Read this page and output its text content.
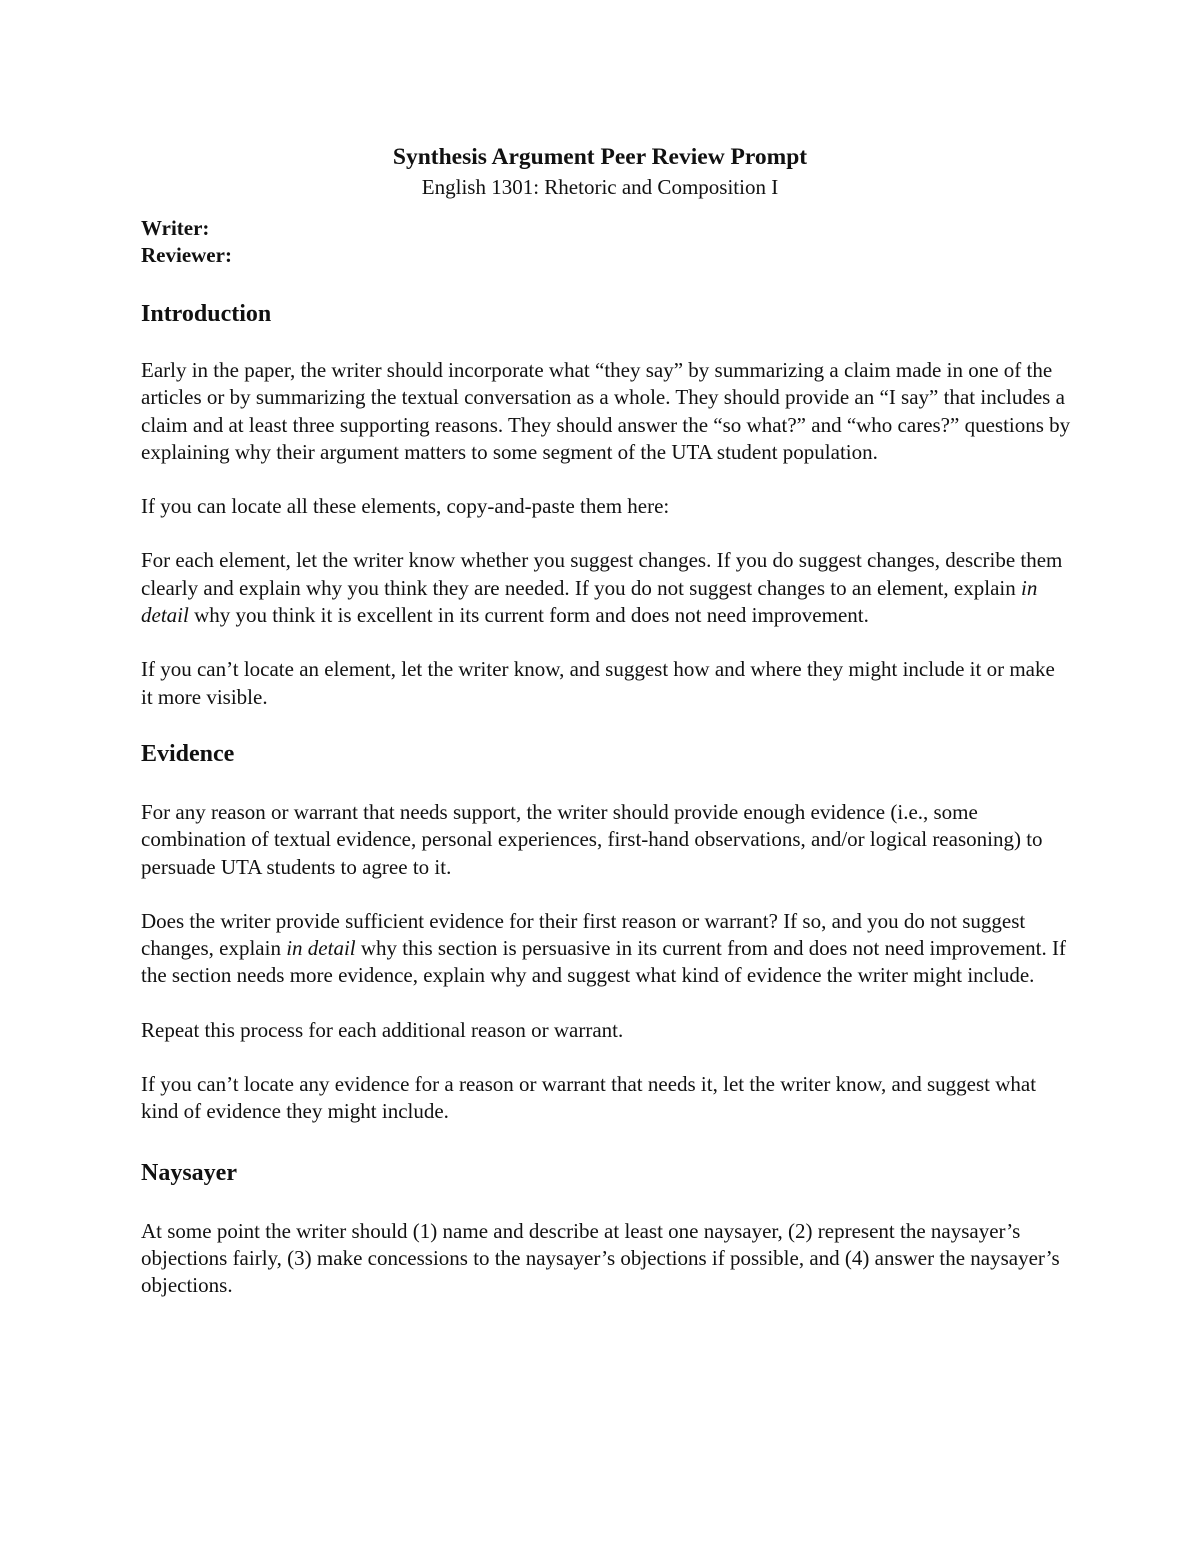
Synthesis Argument Peer Review Prompt
English 1301: Rhetoric and Composition I
Writer:
Reviewer:
Introduction

Early in the paper, the writer should incorporate what “they say” by summarizing a claim made in one of the articles or by summarizing the textual conversation as a whole. They should provide an “I say” that includes a claim and at least three supporting reasons. They should answer the “so what?” and “who cares?” questions by explaining why their argument matters to some segment of the UTA student population.

If you can locate all these elements, copy-and-paste them here:

For each element, let the writer know whether you suggest changes. If you do suggest changes, describe them clearly and explain why you think they are needed. If you do not suggest changes to an element, explain in detail why you think it is excellent in its current form and does not need improvement.

If you can’t locate an element, let the writer know, and suggest how and where they might include it or make it more visible.

Evidence

For any reason or warrant that needs support, the writer should provide enough evidence (i.e., some combination of textual evidence, personal experiences, first-hand observations, and/or logical reasoning) to persuade UTA students to agree to it.

Does the writer provide sufficient evidence for their first reason or warrant? If so, and you do not suggest changes, explain in detail why this section is persuasive in its current from and does not need improvement. If the section needs more evidence, explain why and suggest what kind of evidence the writer might include.

Repeat this process for each additional reason or warrant.

If you can’t locate any evidence for a reason or warrant that needs it, let the writer know, and suggest what kind of evidence they might include.

Naysayer

At some point the writer should (1) name and describe at least one naysayer, (2) represent the naysayer’s objections fairly, (3) make concessions to the naysayer’s objections if possible, and (4) answer the naysayer’s objections.
